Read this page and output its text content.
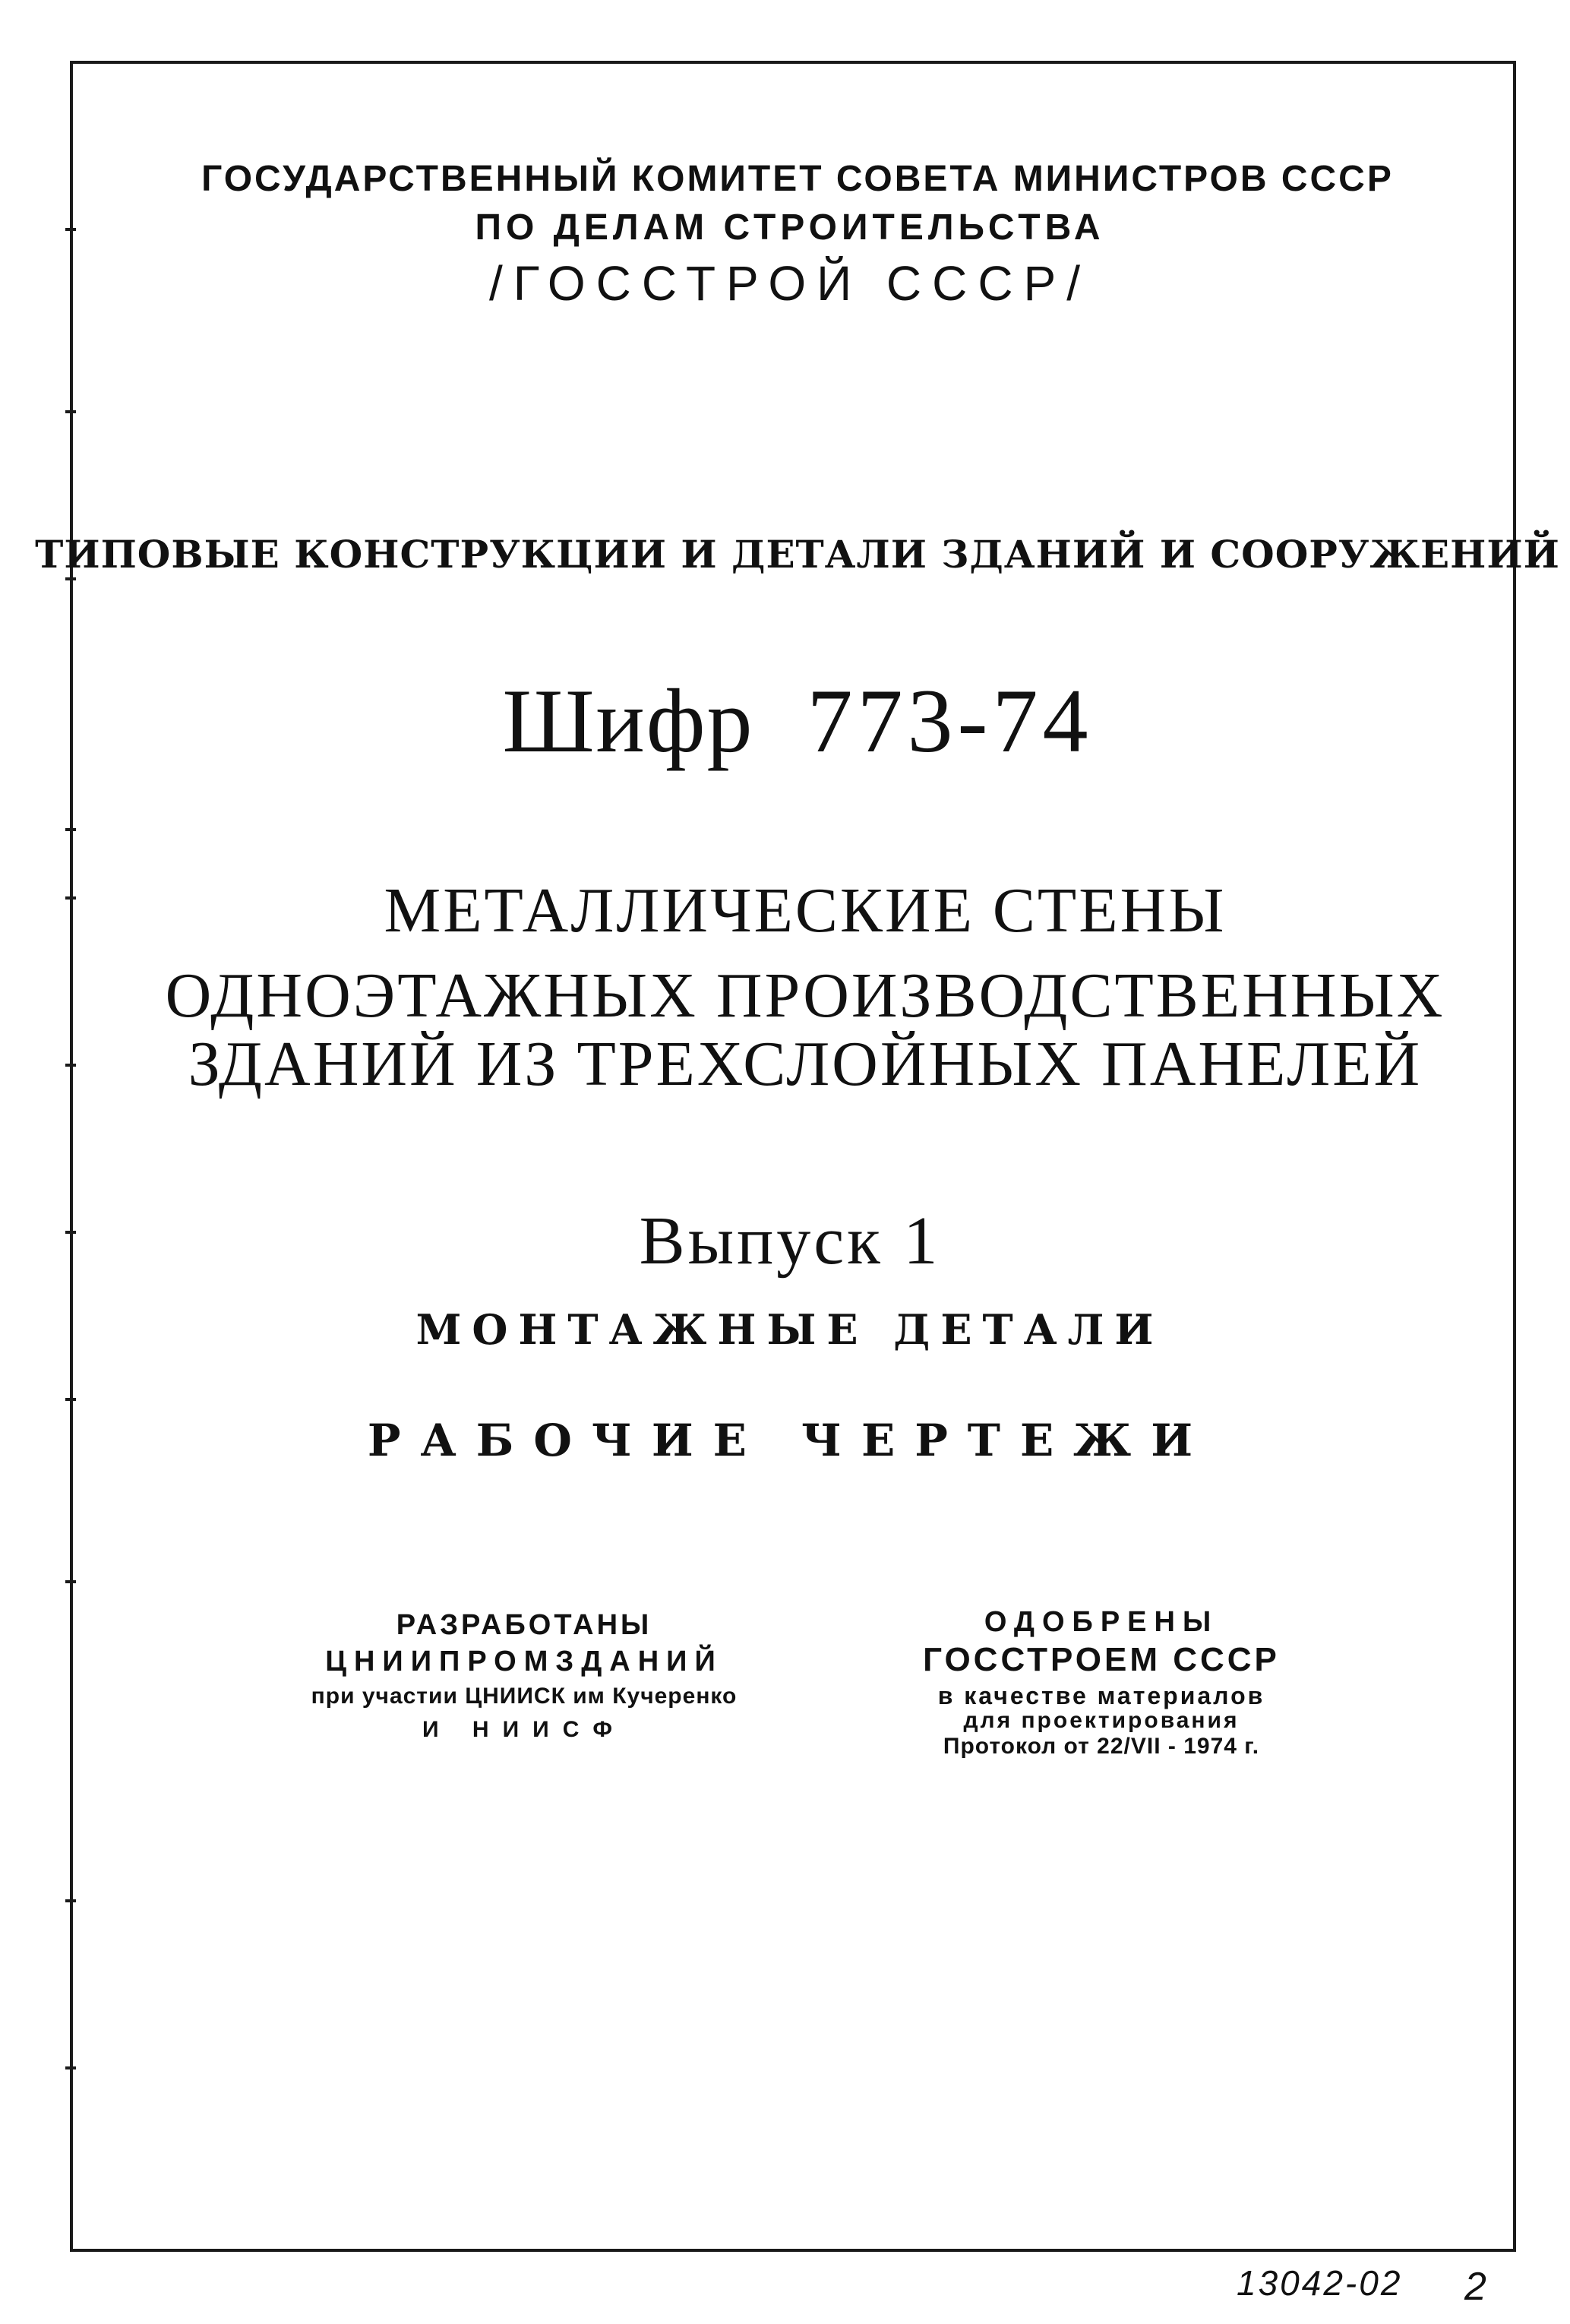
ГОСУДАРСТВЕННЫЙ КОМИТЕТ СОВЕТА МИНИСТРОВ СССР
ПО ДЕЛАМ СТРОИТЕЛЬСТВА
/ГОССТРОЙ СССР/
ТИПОВЫЕ КОНСТРУКЦИИ И ДЕТАЛИ ЗДАНИЙ И СООРУЖЕНИЙ
Шифр 773-74
МЕТАЛЛИЧЕСКИЕ СТЕНЫ
ОДНОЭТАЖНЫХ ПРОИЗВОДСТВЕННЫХ
ЗДАНИЙ ИЗ ТРЕХСЛОЙНЫХ ПАНЕЛЕЙ
Выпуск 1
МОНТАЖНЫЕ ДЕТАЛИ
РАБОЧИЕ ЧЕРТЕЖИ
РАЗРАБОТАНЫ
ЦНИИПРОМЗДАНИЙ
при участии ЦНИИСК им Кучеренко
И НИИСФ
ОДОБРЕНЫ
ГОССТРОЕМ СССР
в качестве материалов
для проектирования
Протокол от 22/VII - 1974 г.
13042-02 2
